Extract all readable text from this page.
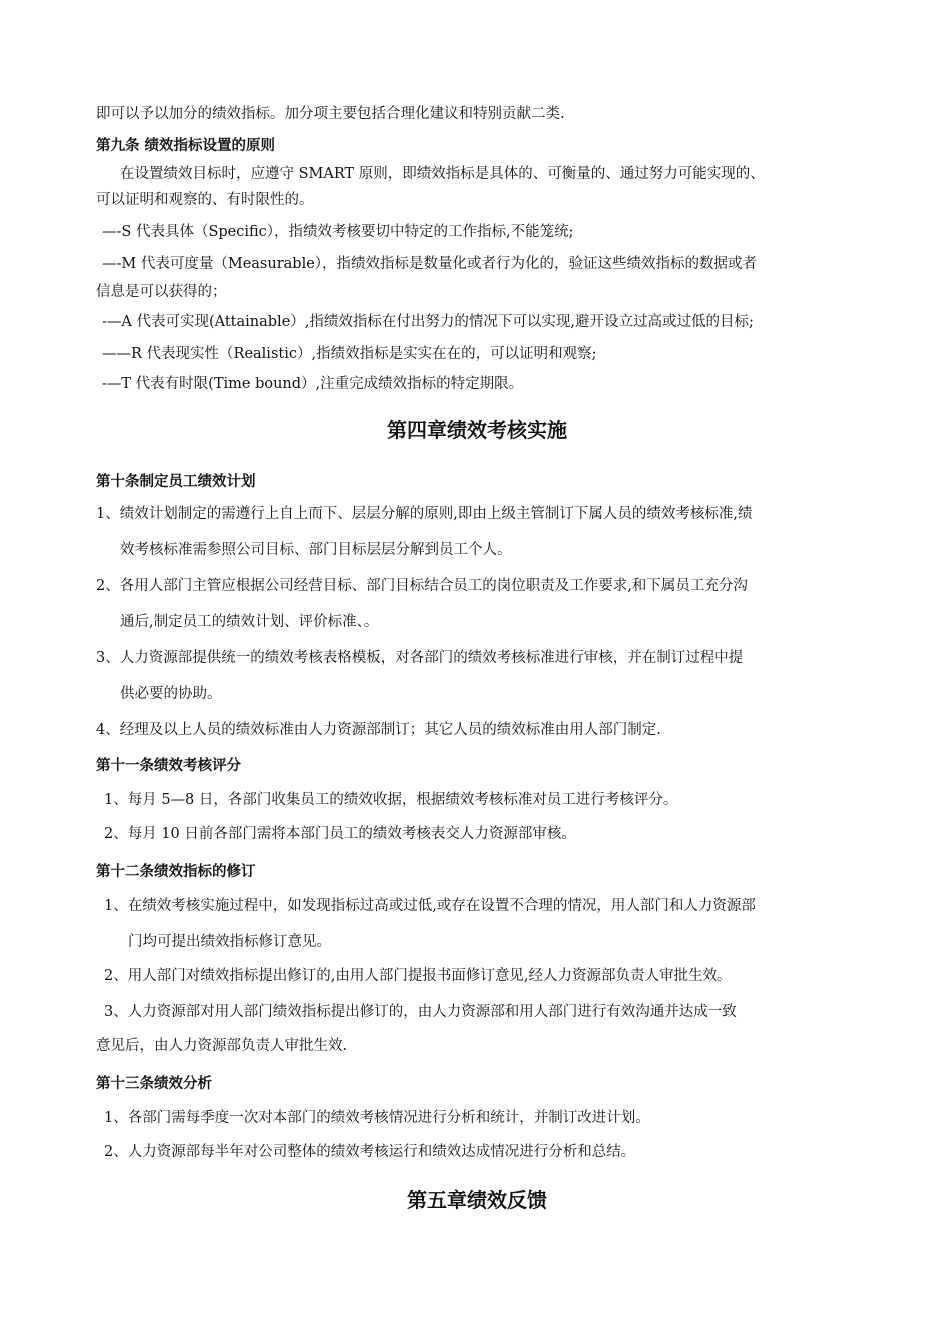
即可以予以加分的绩效指标。加分项主要包括合理化建议和特别贡献二类.
第九条 绩效指标设置的原则
在设置绩效目标时，应遵守 SMART 原则，即绩效指标是具体的、可衡量的、通过努力可能实现的、
可以证明和观察的、有时限性的。
—-S 代表具体（Specific），指绩效考核要切中特定的工作指标,不能笼统;
—-M 代表可度量（Measurable），指绩效指标是数量化或者行为化的，验证这些绩效指标的数据或者
信息是可以获得的；
-—A 代表可实现(Attainable）,指绩效指标在付出努力的情况下可以实现,避开设立过高或过低的目标;
——R 代表现实性（Realistic）,指绩效指标是实实在在的，可以证明和观察;
-—T 代表有时限(Time bound）,注重完成绩效指标的特定期限。
第四章绩效考核实施
第十条制定员工绩效计划
1、绩效计划制定的需遵行上自上而下、层层分解的原则,即由上级主管制订下属人员的绩效考核标准,绩
效考核标准需参照公司目标、部门目标层层分解到员工个人。
2、各用人部门主管应根据公司经营目标、部门目标结合员工的岗位职责及工作要求,和下属员工充分沟
通后,制定员工的绩效计划、评价标准、。
3、人力资源部提供统一的绩效考核表格模板，对各部门的绩效考核标准进行审核，并在制订过程中提
供必要的协助。
4、经理及以上人员的绩效标准由人力资源部制订；其它人员的绩效标准由用人部门制定.
第十一条绩效考核评分
1、每月 5—8 日，各部门收集员工的绩效收据，根据绩效考核标准对员工进行考核评分。
2、每月 10 日前各部门需将本部门员工的绩效考核表交人力资源部审核。
第十二条绩效指标的修订
1、在绩效考核实施过程中，如发现指标过高或过低,或存在设置不合理的情况，用人部门和人力资源部
门均可提出绩效指标修订意见。
2、用人部门对绩效指标提出修订的,由用人部门提报书面修订意见,经人力资源部负责人审批生效。
3、人力资源部对用人部门绩效指标提出修订的，由人力资源部和用人部门进行有效沟通并达成一致
意见后，由人力资源部负责人审批生效.
第十三条绩效分析
1、各部门需每季度一次对本部门的绩效考核情况进行分析和统计，并制订改进计划。
2、人力资源部每半年对公司整体的绩效考核运行和绩效达成情况进行分析和总结。
第五章绩效反馈
